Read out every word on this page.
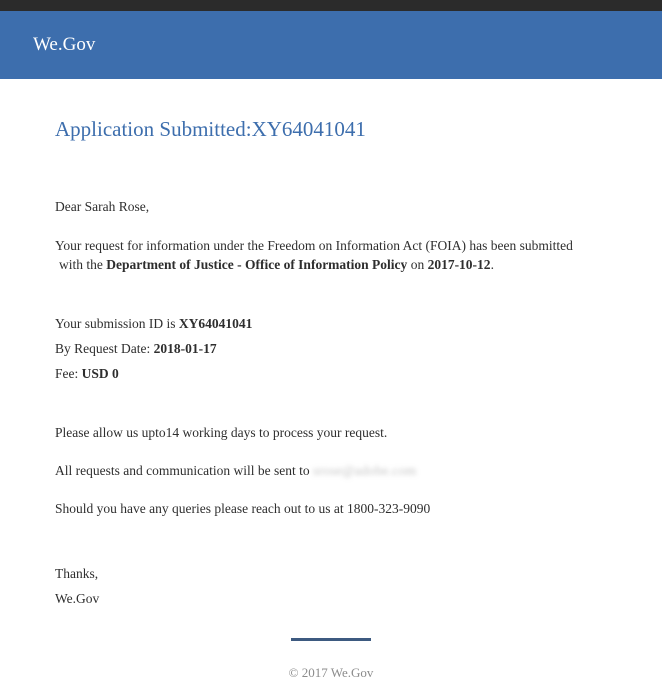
We.Gov
Application Submitted:XY64041041
Dear Sarah Rose,
Your request for information under the Freedom on Information Act (FOIA) has been submitted
with the Department of Justice - Office of Information Policy on 2017-10-12.
Your submission ID is XY64041041
By Request Date: 2018-01-17
Fee: USD 0
Please allow us upto14 working days to process your request.
All requests and communication will be sent to srose@adobe.com
Should you have any queries please reach out to us at 1800-323-9090
Thanks,
We.Gov
© 2017 We.Gov
